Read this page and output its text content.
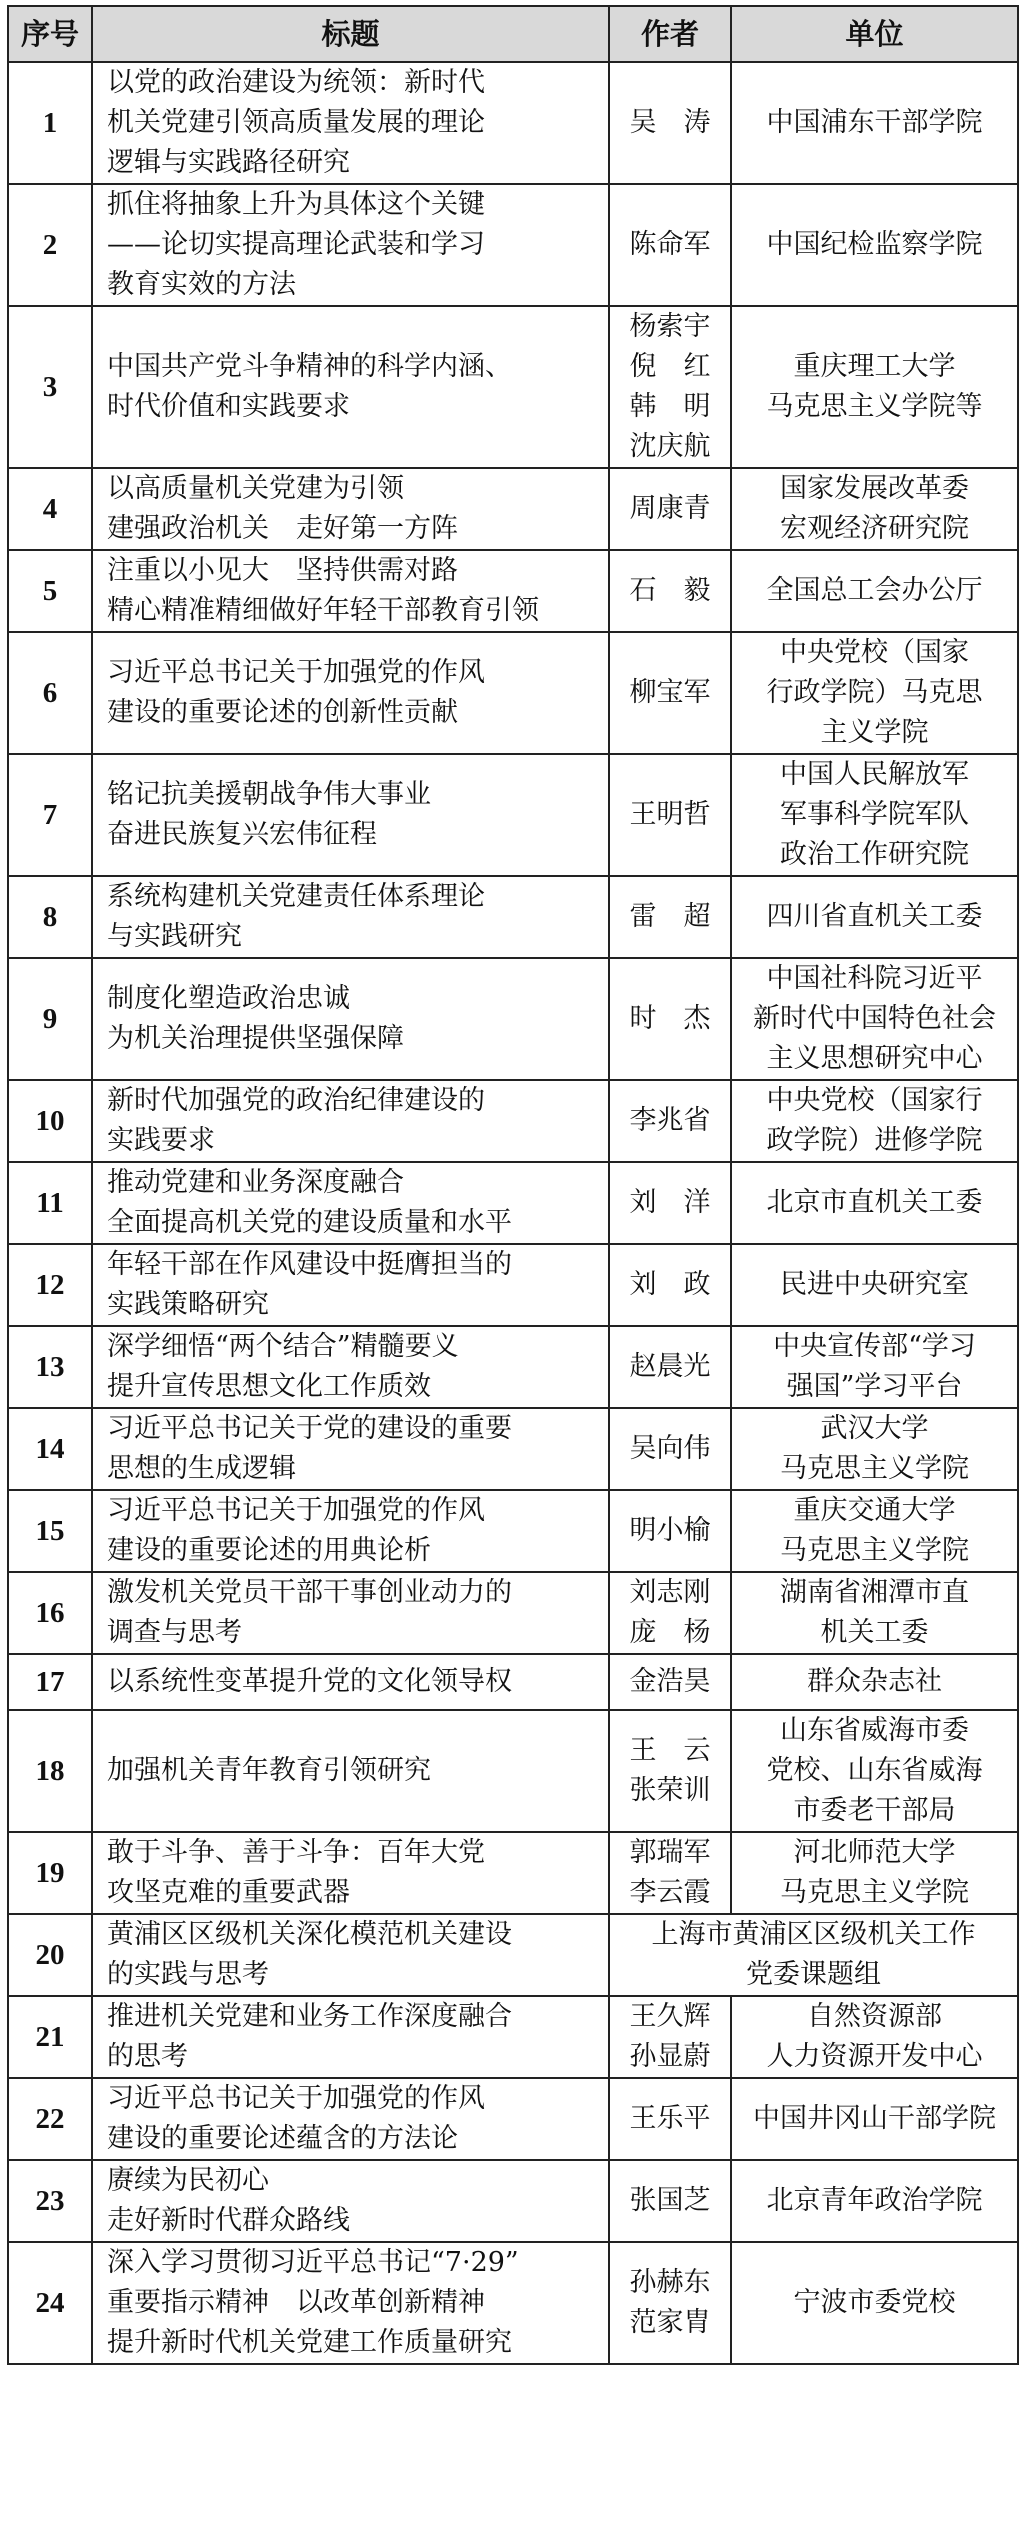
序号	标题	作者	单位
1	以党的政治建设为统领：新时代
机关党建引领高质量发展的理论
逻辑与实践路径研究	吴　涛	中国浦东干部学院

2	抓住将抽象上升为具体这个关键
——论切实提高理论武装和学习
教育实效的方法	陈命军	中国纪检监察学院

3	中国共产党斗争精神的科学内涵、
时代价值和实践要求	杨索宇
倪　红
韩　明
沈庆航	重庆理工大学
马克思主义学院等

4	以高质量机关党建为引领
建强政治机关　走好第一方阵	周康青	国家发展改革委
宏观经济研究院

5	注重以小见大　坚持供需对路
精心精准精细做好年轻干部教育引领	石　毅	全国总工会办公厅

6	习近平总书记关于加强党的作风
建设的重要论述的创新性贡献	柳宝军	中央党校（国家
行政学院）马克思
主义学院

7	铭记抗美援朝战争伟大事业
奋进民族复兴宏伟征程	王明哲	中国人民解放军
军事科学院军队
政治工作研究院

8	系统构建机关党建责任体系理论
与实践研究	雷　超	四川省直机关工委

9	制度化塑造政治忠诚
为机关治理提供坚强保障	时　杰	中国社科院习近平
新时代中国特色社会
主义思想研究中心

10	新时代加强党的政治纪律建设的
实践要求	李兆省	中央党校（国家行
政学院）进修学院

11	推动党建和业务深度融合
全面提高机关党的建设质量和水平	刘　洋	北京市直机关工委

12	年轻干部在作风建设中挺膺担当的
实践策略研究	刘　政	民进中央研究室

13	深学细悟“两个结合”精髓要义
提升宣传思想文化工作质效	赵晨光	中央宣传部“学习
强国”学习平台

14	习近平总书记关于党的建设的重要
思想的生成逻辑	吴向伟	武汉大学
马克思主义学院

15	习近平总书记关于加强党的作风
建设的重要论述的用典论析	明小榆	重庆交通大学
马克思主义学院

16	激发机关党员干部干事创业动力的
调查与思考	刘志刚
庞　杨	湖南省湘潭市直
机关工委

17	以系统性变革提升党的文化领导权	金浩昊	群众杂志社

18	加强机关青年教育引领研究	王　云
张荣训	山东省威海市委
党校、山东省威海
市委老干部局

19	敢于斗争、善于斗争：百年大党
攻坚克难的重要武器	郭瑞军
李云霞	河北师范大学
马克思主义学院

20	黄浦区区级机关深化模范机关建设
的实践与思考	上海市黄浦区区级机关工作
党委课题组	

21	推进机关党建和业务工作深度融合
的思考	王久辉
孙显蔚	自然资源部
人力资源开发中心

22	习近平总书记关于加强党的作风
建设的重要论述蕴含的方法论	王乐平	中国井冈山干部学院

23	赓续为民初心
走好新时代群众路线	张国芝	北京青年政治学院

24	深入学习贯彻习近平总书记“7·29”
重要指示精神　以改革创新精神
提升新时代机关党建工作质量研究	孙赫东
范家胄	宁波市委党校
